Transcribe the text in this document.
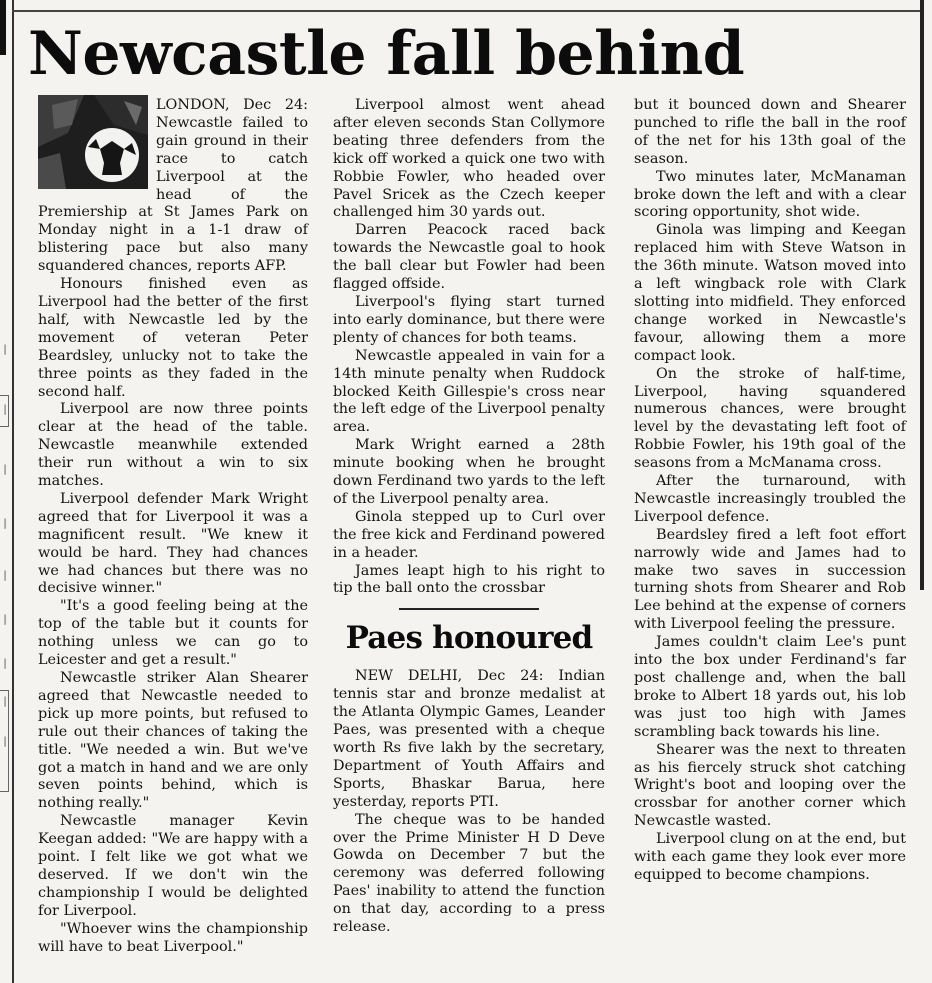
|
|
|
|
|
|
|
|
|
Newcastle fall behind

LONDON, Dec 24: Newcastle failed to gain ground in their race to catch Liverpool at the head of the Premiership at St James Park on Monday night in a 1-1 draw of blistering pace but also many squandered chances, reports AFP.

Honours finished even as Liverpool had the better of the first half, with Newcastle led by the movement of veteran Peter Beardsley, unlucky not to take the three points as they faded in the second half.

Liverpool are now three points clear at the head of the table. Newcastle meanwhile extended their run without a win to six matches.

Liverpool defender Mark Wright agreed that for Liverpool it was a magnificent result. "We knew it would be hard. They had chances we had chances but there was no decisive winner."

"It's a good feeling being at the top of the table but it counts for nothing unless we can go to Leicester and get a result."

Newcastle striker Alan Shearer agreed that Newcastle needed to pick up more points, but refused to rule out their chances of taking the title. "We needed a win. But we've got a match in hand and we are only seven points behind, which is nothing really."

Newcastle manager Kevin Keegan added: "We are happy with a point. I felt like we got what we deserved. If we don't win the championship I would be delighted for Liverpool.

"Whoever wins the championship will have to beat Liverpool."

Liverpool almost went ahead after eleven seconds Stan Collymore beating three defenders from the kick off worked a quick one two with Robbie Fowler, who headed over Pavel Sricek as the Czech keeper challenged him 30 yards out.

Darren Peacock raced back towards the Newcastle goal to hook the ball clear but Fowler had been flagged offside.

Liverpool's flying start turned into early dominance, but there were plenty of chances for both teams.

Newcastle appealed in vain for a 14th minute penalty when Ruddock blocked Keith Gillespie's cross near the left edge of the Liverpool penalty area.

Mark Wright earned a 28th minute booking when he brought down Ferdinand two yards to the left of the Liverpool penalty area.

Ginola stepped up to Curl over the free kick and Ferdinand powered in a header.

James leapt high to his right to tip the ball onto the crossbar

Paes honoured

NEW DELHI, Dec 24: Indian tennis star and bronze medalist at the Atlanta Olympic Games, Leander Paes, was presented with a cheque worth Rs five lakh by the secretary, Department of Youth Affairs and Sports, Bhaskar Barua, here yesterday, reports PTI.

The cheque was to be handed over the Prime Minister H D Deve Gowda on December 7 but the ceremony was deferred following Paes' inability to attend the function on that day, according to a press release.

but it bounced down and Shearer punched to rifle the ball in the roof of the net for his 13th goal of the season.

Two minutes later, McManaman broke down the left and with a clear scoring opportunity, shot wide.

Ginola was limping and Keegan replaced him with Steve Watson in the 36th minute. Watson moved into a left wingback role with Clark slotting into midfield. They enforced change worked in Newcastle's favour, allowing them a more compact look.

On the stroke of half-time, Liverpool, having squandered numerous chances, were brought level by the devastating left foot of Robbie Fowler, his 19th goal of the seasons from a McManama cross.

After the turnaround, with Newcastle increasingly troubled the Liverpool defence.

Beardsley fired a left foot effort narrowly wide and James had to make two saves in succession turning shots from Shearer and Rob Lee behind at the expense of corners with Liverpool feeling the pressure.

James couldn't claim Lee's punt into the box under Ferdinand's far post challenge and, when the ball broke to Albert 18 yards out, his lob was just too high with James scrambling back towards his line.

Shearer was the next to threaten as his fiercely struck shot catching Wright's boot and looping over the crossbar for another corner which Newcastle wasted.

Liverpool clung on at the end, but with each game they look ever more equipped to become champions.
